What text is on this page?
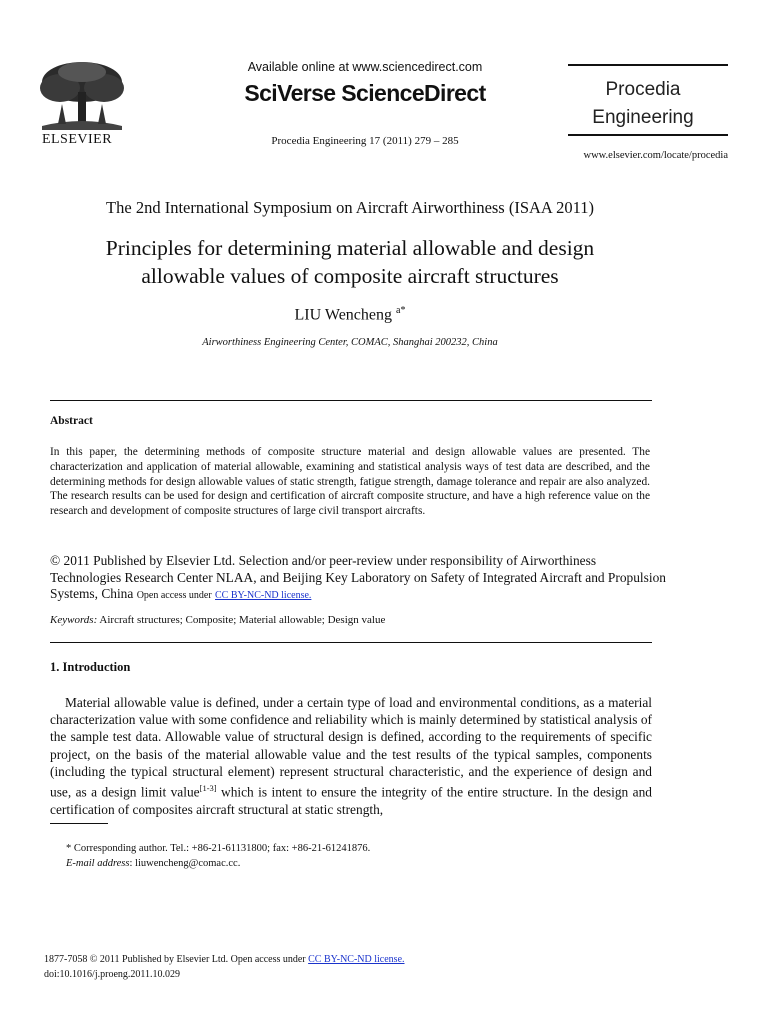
ELSEVIER
Available online at www.sciencedirect.com
SciVerse ScienceDirect
Procedia Engineering 17 (2011) 279 – 285
Procedia
Engineering
www.elsevier.com/locate/procedia
The 2nd International Symposium on Aircraft Airworthiness (ISAA 2011)
Principles for determining material allowable and design
allowable values of composite aircraft structures
LIU Wencheng $^{a*}$
Airworthiness Engineering Center, COMAC, Shanghai 200232, China
Abstract
In this paper, the determining methods of composite structure material and design allowable values are presented. The characterization and application of material allowable, examining and statistical analysis ways of test data are described, and the determining methods for design allowable values of static strength, fatigue strength, damage tolerance and repair are also analyzed. The research results can be used for design and certification of aircraft composite structure, and have a high reference value on the research and development of composite structures of large civil transport aircrafts.
© 2011 Published by Elsevier Ltd. Selection and/or peer-review under responsibility of Airworthiness Technologies Research Center NLAA, and Beijing Key Laboratory on Safety of Integrated Aircraft and Propulsion Systems, China Open access under CC BY-NC-ND license.
Keywords: Aircraft structures; Composite; Material allowable; Design value
1. Introduction
Material allowable value is defined, under a certain type of load and environmental conditions, as a material characterization value with some confidence and reliability which is mainly determined by statistical analysis of the sample test data. Allowable value of structural design is defined, according to the requirements of specific project, on the basis of the material allowable value and the test results of the typical samples, components (including the typical structural element) represent structural characteristic, and the experience of design and use, as a design limit value[1-3] which is intent to ensure the integrity of the entire structure. In the design and certification of composites aircraft structural at static strength,
* Corresponding author. Tel.: +86-21-61131800; fax: +86-21-61241876.
E-mail address: liuwencheng@comac.cc.
1877-7058 © 2011 Published by Elsevier Ltd. Open access under CC BY-NC-ND license.
doi:10.1016/j.proeng.2011.10.029
